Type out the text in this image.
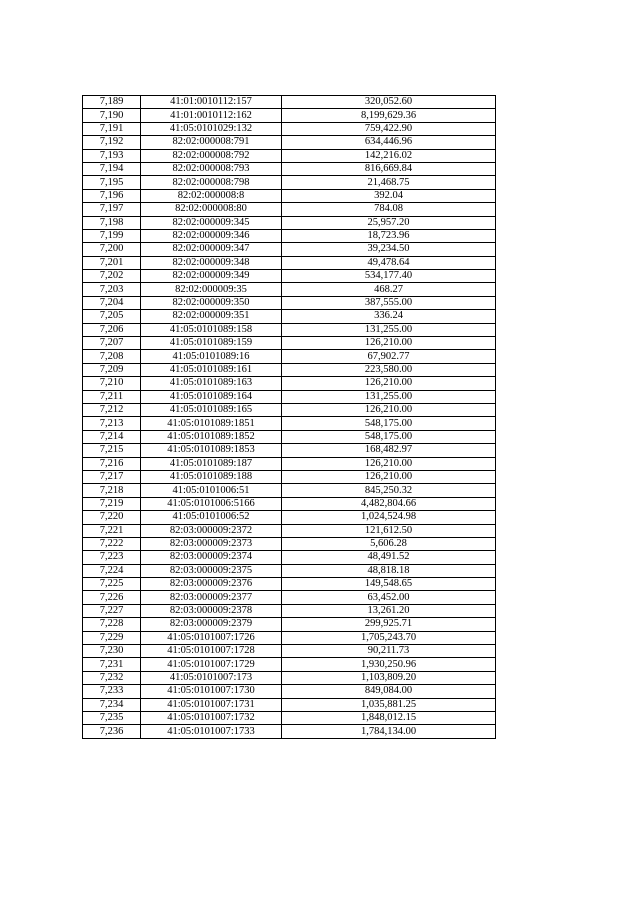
7,189	41:01:0010112:157	320,052.60
7,190	41:01:0010112:162	8,199,629.36
7,191	41:05:0101029:132	759,422.90
7,192	82:02:000008:791	634,446.96
7,193	82:02:000008:792	142,216.02
7,194	82:02:000008:793	816,669.84
7,195	82:02:000008:798	21,468.75
7,196	82:02:000008:8	392.04
7,197	82:02:000008:80	784.08
7,198	82:02:000009:345	25,957.20
7,199	82:02:000009:346	18,723.96
7,200	82:02:000009:347	39,234.50
7,201	82:02:000009:348	49,478.64
7,202	82:02:000009:349	534,177.40
7,203	82:02:000009:35	468.27
7,204	82:02:000009:350	387,555.00
7,205	82:02:000009:351	336.24
7,206	41:05:0101089:158	131,255.00
7,207	41:05:0101089:159	126,210.00
7,208	41:05:0101089:16	67,902.77
7,209	41:05:0101089:161	223,580.00
7,210	41:05:0101089:163	126,210.00
7,211	41:05:0101089:164	131,255.00
7,212	41:05:0101089:165	126,210.00
7,213	41:05:0101089:1851	548,175.00
7,214	41:05:0101089:1852	548,175.00
7,215	41:05:0101089:1853	168,482.97
7,216	41:05:0101089:187	126,210.00
7,217	41:05:0101089:188	126,210.00
7,218	41:05:0101006:51	845,250.32
7,219	41:05:0101006:5166	4,482,804.66
7,220	41:05:0101006:52	1,024,524.98
7,221	82:03:000009:2372	121,612.50
7,222	82:03:000009:2373	5,606.28
7,223	82:03:000009:2374	48,491.52
7,224	82:03:000009:2375	48,818.18
7,225	82:03:000009:2376	149,548.65
7,226	82:03:000009:2377	63,452.00
7,227	82:03:000009:2378	13,261.20
7,228	82:03:000009:2379	299,925.71
7,229	41:05:0101007:1726	1,705,243.70
7,230	41:05:0101007:1728	90,211.73
7,231	41:05:0101007:1729	1,930,250.96
7,232	41:05:0101007:173	1,103,809.20
7,233	41:05:0101007:1730	849,084.00
7,234	41:05:0101007:1731	1,035,881.25
7,235	41:05:0101007:1732	1,848,012.15
7,236	41:05:0101007:1733	1,784,134.00
